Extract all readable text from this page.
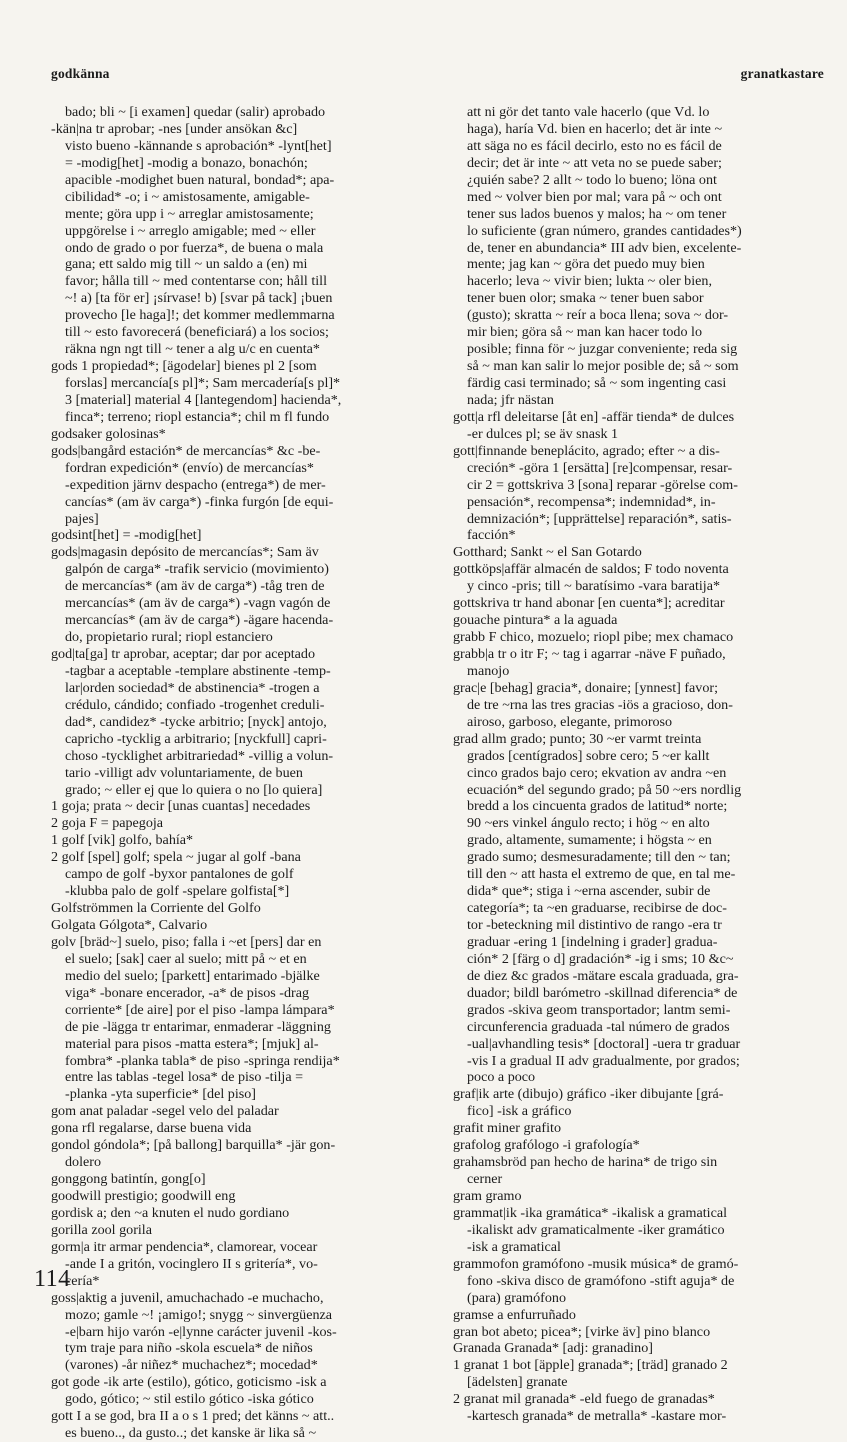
godkänna	granatkastare
bado; bli ~ [i examen] quedar (salir) aprobado
-kän|na tr aprobar; -nes [under ansökan &c]
visto bueno -kännande s aprobación* -lynt[het]
= -modig[het] -modig a bonazo, bonachón;
apacible -modighet buen natural, bondad*; apa-
cibilidad* -o; i ~ amistosamente, amigable-
mente; göra upp i ~ arreglar amistosamente;
uppgörelse i ~ arreglo amigable; med ~ eller
ondo de grado o por fuerza*, de buena o mala
gana; ett saldo mig till ~ un saldo a (en) mi
favor; hålla till ~ med contentarse con; håll till
~! a) [ta för er] ¡sírvase! b) [svar på tack] ¡buen
provecho [le haga]!; det kommer medlemmarna
till ~ esto favorecerá (beneficiará) a los socios;
räkna ngn ngt till ~ tener a alg u/c en cuenta*
gods 1 propiedad*; [ägodelar] bienes pl 2 [som
forslas] mercancía[s pl]*; Sam mercadería[s pl]*
3 [material] material 4 [lantegendom] hacienda*,
finca*; terreno; riopl estancia*; chil m fl fundo
godsaker golosinas*
gods|bangård estación* de mercancías* &c -be-
fordran expedición* (envío) de mercancías*
-expedition järnv despacho (entrega*) de mer-
cancías* (am äv carga*) -finka furgón [de equi-
pajes]
godsint[het] = -modig[het]
gods|magasin depósito de mercancías*; Sam äv
galpón de carga* -trafik servicio (movimiento)
de mercancías* (am äv de carga*) -tåg tren de
mercancías* (am äv de carga*) -vagn vagón de
mercancías* (am äv de carga*) -ägare hacenda-
do, propietario rural; riopl estanciero
god|ta[ga] tr aprobar, aceptar; dar por aceptado
-tagbar a aceptable -templare abstinente -temp-
lar|orden sociedad* de abstinencia* -trogen a
crédulo, cándido; confiado -trogenhet creduli-
dad*, candidez* -tycke arbitrio; [nyck] antojo,
capricho -tycklig a arbitrario; [nyckfull] capri-
choso -tycklighet arbitrariedad* -villig a volun-
tario -villigt adv voluntariamente, de buen
grado; ~ eller ej que lo quiera o no [lo quiera]
1 goja; prata ~ decir [unas cuantas] necedades
2 goja F = papegoja
1 golf [vik] golfo, bahía*
2 golf [spel] golf; spela ~ jugar al golf -bana
campo de golf -byxor pantalones de golf
-klubba palo de golf -spelare golfista[*]
Golfströmmen la Corriente del Golfo
Golgata Gólgota*, Calvario
golv [bräd~] suelo, piso; falla i ~et [pers] dar en
el suelo; [sak] caer al suelo; mitt på ~ et en
medio del suelo; [parkett] entarimado -bjälke
viga* -bonare encerador, -a* de pisos -drag
corriente* [de aire] por el piso -lampa lámpara*
de pie -lägga tr entarimar, enmaderar -läggning
material para pisos -matta estera*; [mjuk] al-
fombra* -planka tabla* de piso -springa rendija*
entre las tablas -tegel losa* de piso -tilja =
-planka -yta superficie* [del piso]
gom anat paladar -segel velo del paladar
gona rfl regalarse, darse buena vida
gondol góndola*; [på ballong] barquilla* -jär gon-
dolero
gonggong batintín, gong[o]
goodwill prestigio; goodwill eng
gordisk a; den ~a knuten el nudo gordiano
gorilla zool gorila
gorm|a itr armar pendencia*, clamorear, vocear
-ande I a gritón, vocinglero II s gritería*, vo-
cería*
goss|aktig a juvenil, amuchachado -e muchacho,
mozo; gamle ~! ¡amigo!; snygg ~ sinvergüenza
-e|barn hijo varón -e|lynne carácter juvenil -kos-
tym traje para niño -skola escuela* de niños
(varones) -år niñez* muchachez*; mocedad*
got gode -ik arte (estilo), gótico, goticismo -isk a
godo, gótico; ~ stil estilo gótico -iska gótico
gott I a se god, bra II a o s 1 pred; det känns ~ att..
es bueno.., da gusto..; det kanske är lika så ~
att ni gör det tanto vale hacerlo (que Vd. lo
haga), haría Vd. bien en hacerlo; det är inte ~
att säga no es fácil decirlo, esto no es fácil de
decir; det är inte ~ att veta no se puede saber;
¿quién sabe? 2 allt ~ todo lo bueno; löna ont
med ~ volver bien por mal; vara på ~ och ont
tener sus lados buenos y malos; ha ~ om tener
lo suficiente (gran número, grandes cantidades*)
de, tener en abundancia* III adv bien, excelente-
mente; jag kan ~ göra det puedo muy bien
hacerlo; leva ~ vivir bien; lukta ~ oler bien,
tener buen olor; smaka ~ tener buen sabor
(gusto); skratta ~ reír a boca llena; sova ~ dor-
mir bien; göra så ~ man kan hacer todo lo
posible; finna för ~ juzgar conveniente; reda sig
så ~ man kan salir lo mejor posible de; så ~ som
färdig casi terminado; så ~ som ingenting casi
nada; jfr nästan
gott|a rfl deleitarse [åt en] -affär tienda* de dulces
-er dulces pl; se äv snask 1
gott|finnande beneplácito, agrado; efter ~ a dis-
creción* -göra 1 [ersätta] [re]compensar, resar-
cir 2 = gottskriva 3 [sona] reparar -görelse com-
pensación*, recompensa*; indemnidad*, in-
demnización*; [upprättelse] reparación*, satis-
facción*
Gotthard; Sankt ~ el San Gotardo
gottköps|affär almacén de saldos; F todo noventa
y cinco -pris; till ~ baratísimo -vara baratija*
gottskriva tr hand abonar [en cuenta*]; acreditar
gouache pintura* a la aguada
grabb F chico, mozuelo; riopl pibe; mex chamaco
grabb|a tr o itr F; ~ tag i agarrar -näve F puñado,
manojo
grac|e [behag] gracia*, donaire; [ynnest] favor;
de tre ~rna las tres gracias -iös a gracioso, don-
airoso, garboso, elegante, primoroso
grad allm grado; punto; 30 ~er varmt treinta
grados [centígrados] sobre cero; 5 ~er kallt
cinco grados bajo cero; ekvation av andra ~en
ecuación* del segundo grado; på 50 ~ers nordlig
bredd a los cincuenta grados de latitud* norte;
90 ~ers vinkel ángulo recto; i hög ~ en alto
grado, altamente, sumamente; i högsta ~ en
grado sumo; desmesuradamente; till den ~ tan;
till den ~ att hasta el extremo de que, en tal me-
dida* que*; stiga i ~erna ascender, subir de
categoría*; ta ~en graduarse, recibirse de doc-
tor -beteckning mil distintivo de rango -era tr
graduar -ering 1 [indelning i grader] gradua-
ción* 2 [färg o d] gradación* -ig i sms; 10 &c~
de diez &c grados -mätare escala graduada, gra-
duador; bildl barómetro -skillnad diferencia* de
grados -skiva geom transportador; lantm semi-
circunferencia graduada -tal número de grados
-ual|avhandling tesis* [doctoral] -uera tr graduar
-vis I a gradual II adv gradualmente, por grados;
poco a poco
graf|ik arte (dibujo) gráfico -iker dibujante [grá-
fico] -isk a gráfico
grafit miner grafito
grafolog grafólogo -i grafología*
grahamsbröd pan hecho de harina* de trigo sin
cerner
gram gramo
grammat|ik -ika gramática* -ikalisk a gramatical
-ikaliskt adv gramaticalmente -iker gramático
-isk a gramatical
grammofon gramófono -musik música* de gramó-
fono -skiva disco de gramófono -stift aguja* de
(para) gramófono
gramse a enfurruñado
gran bot abeto; picea*; [virke äv] pino blanco
Granada Granada* [adj: granadino]
1 granat 1 bot [äpple] granada*; [träd] granado 2
[ädelsten] granate
2 granat mil granada* -eld fuego de granadas*
-kartesch granada* de metralla* -kastare mor-
114
